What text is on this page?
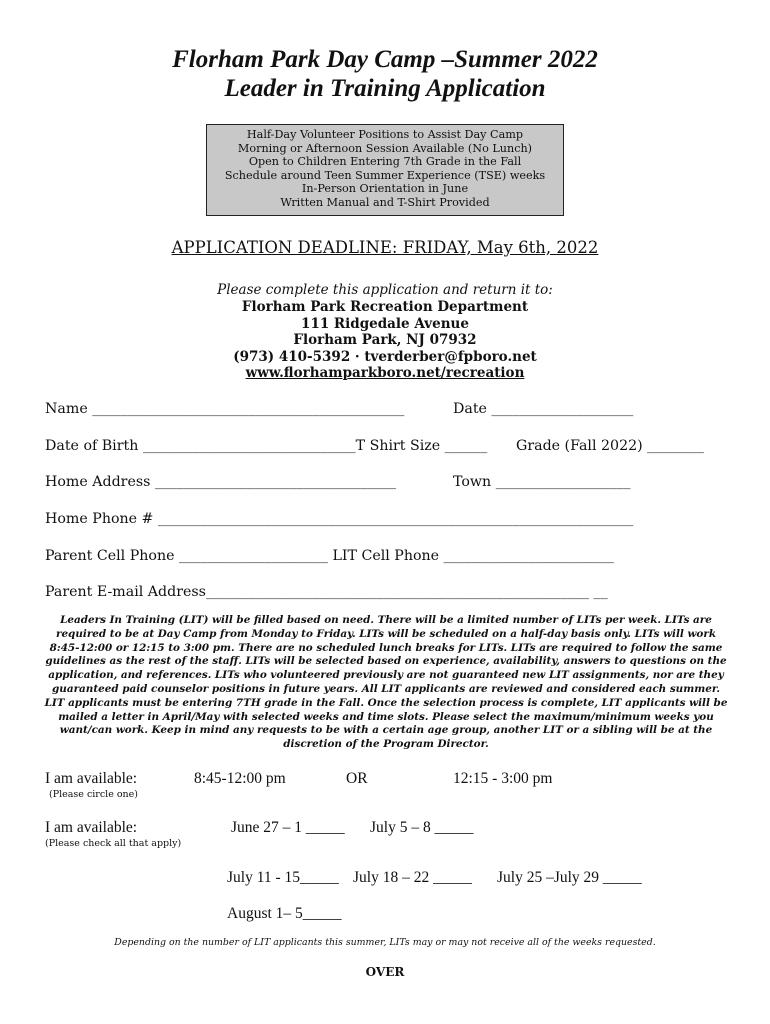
Florham Park Day Camp –Summer 2022
Leader in Training Application
Half-Day Volunteer Positions to Assist Day Camp
Morning or Afternoon Session Available (No Lunch)
Open to Children Entering 7th Grade in the Fall
Schedule around Teen Summer Experience (TSE) weeks
In-Person Orientation in June
Written Manual and T-Shirt Provided
APPLICATION DEADLINE: FRIDAY, May 6th, 2022
Please complete this application and return it to:
Florham Park Recreation Department
111 Ridgedale Avenue
Florham Park, NJ 07932
(973) 410-5392 · tverderber@fpboro.net
www.florhamparkboro.net/recreation
Name ____________________________________________	Date ____________________
Date of Birth ______________________________T Shirt Size ______ Grade (Fall 2022) ________
Home Address __________________________________	Town ___________________
Home Phone # ___________________________________________________________________
Parent Cell Phone _____________________ LIT Cell Phone ________________________
Parent E-mail Address______________________________________________________ __
Leaders In Training (LIT) will be filled based on need. There will be a limited number of LITs per week. LITs are required to be at Day Camp from Monday to Friday. LITs will be scheduled on a half-day basis only. LITs will work 8:45-12:00 or 12:15 to 3:00 pm. There are no scheduled lunch breaks for LITs. LITs are required to follow the same guidelines as the rest of the staff. LITs will be selected based on experience, availability, answers to questions on the application, and references. LITs who volunteered previously are not guaranteed new LIT assignments, nor are they guaranteed paid counselor positions in future years. All LIT applicants are reviewed and considered each summer. LIT applicants must be entering 7TH grade in the Fall. Once the selection process is complete, LIT applicants will be mailed a letter in April/May with selected weeks and time slots. Please select the maximum/minimum weeks you want/can work. Keep in mind any requests to be with a certain age group, another LIT or a sibling will be at the discretion of the Program Director.
I am available:
(Please circle one)
8:45-12:00 pm	OR	12:15 - 3:00 pm
I am available:
(Please check all that apply)
June 27 – 1 _____ July 5 – 8 _____
July 11 - 15_____ July 18 – 22 _____ July 25 –July 29 _____
August 1– 5_____
Depending on the number of LIT applicants this summer, LITs may or may not receive all of the weeks requested.
OVER
